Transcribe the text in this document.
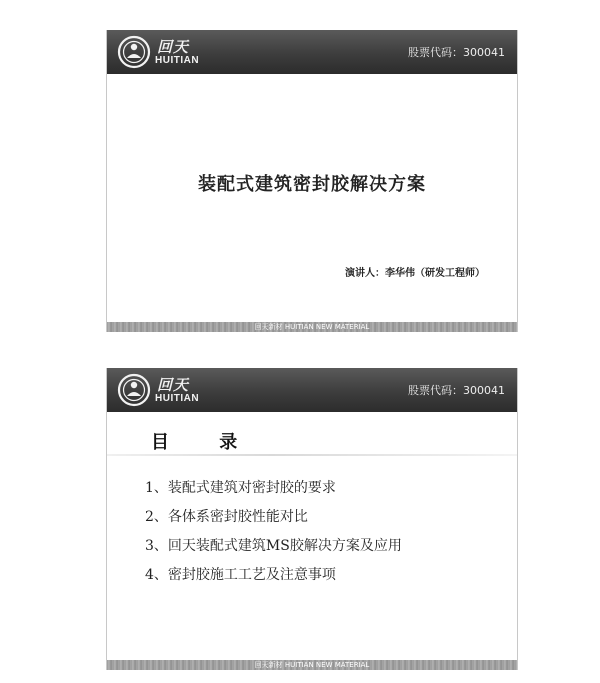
回天
HUITIAN
股票代码：300041
装配式建筑密封胶解决方案
演讲人：李华伟（研发工程师）
回天新材 HUITIAN NEW MATERIAL
回天
HUITIAN
股票代码：300041
目 录
1、装配式建筑对密封胶的要求
2、各体系密封胶性能对比
3、回天装配式建筑MS胶解决方案及应用
4、密封胶施工工艺及注意事项
回天新材 HUITIAN NEW MATERIAL
